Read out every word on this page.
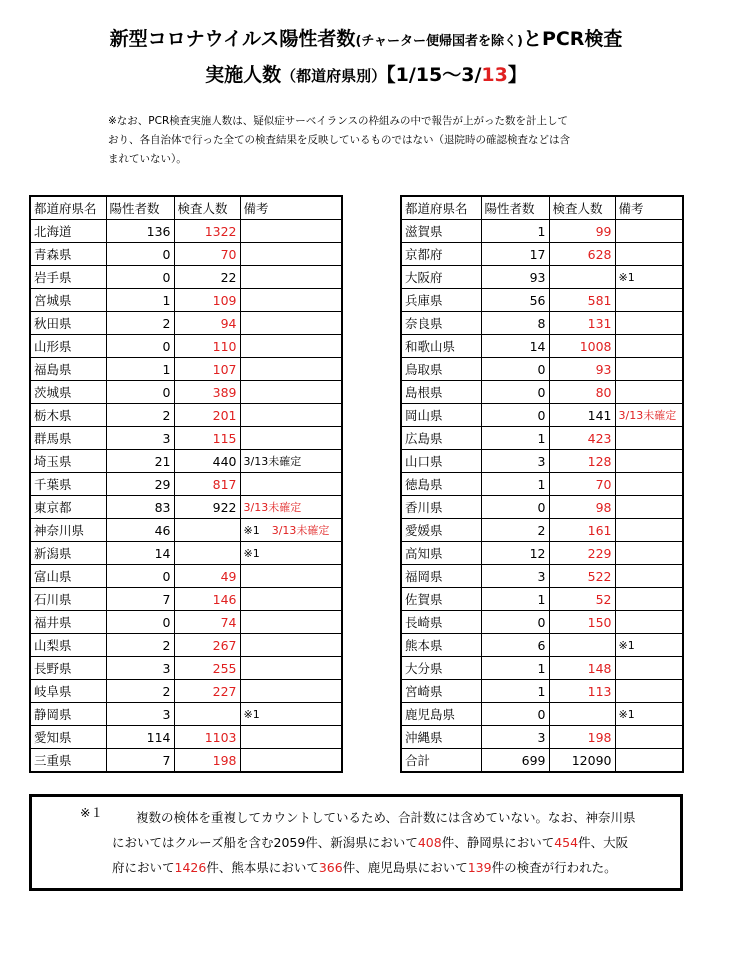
新型コロナウイルス陽性者数(チャーター便帰国者を除く)とPCR検査
実施人数（都道府県別）【1/15～3/13】
※なお、PCR検査実施人数は、疑似症サーベイランスの枠組みの中で報告が上がった数を計上して
おり、各自治体で行った全ての検査結果を反映しているものではない（退院時の確認検査などは含
まれていない）。
都道府県名	陽性者数	検査人数	備考
北海道	136	1322	
青森県	0	70	
岩手県	0	22	
宮城県	1	109	
秋田県	2	94	
山形県	0	110	
福島県	1	107	
茨城県	0	389	
栃木県	2	201	
群馬県	3	115	
埼玉県	21	440	3/13未確定
千葉県	29	817	
東京都	83	922	3/13未確定
神奈川県	46		※1 3/13未確定
新潟県	14		※1
富山県	0	49	
石川県	7	146	
福井県	0	74	
山梨県	2	267	
長野県	3	255	
岐阜県	2	227	
静岡県	3		※1
愛知県	114	1103	
三重県	7	198	
都道府県名	陽性者数	検査人数	備考
滋賀県	1	99	
京都府	17	628	
大阪府	93		※1
兵庫県	56	581	
奈良県	8	131	
和歌山県	14	1008	
鳥取県	0	93	
島根県	0	80	
岡山県	0	141	3/13未確定
広島県	1	423	
山口県	3	128	
徳島県	1	70	
香川県	0	98	
愛媛県	2	161	
高知県	12	229	
福岡県	3	522	
佐賀県	1	52	
長崎県	0	150	
熊本県	6		※1
大分県	1	148	
宮崎県	1	113	
鹿児島県	0		※1
沖縄県	3	198	
合計	699	12090	
※１	複数の検体を重複してカウントしているため、合計数には含めていない。なお、神奈川県

においてはクルーズ船を含む2059件、新潟県において408件、静岡県において454件、大阪

府において1426件、熊本県において366件、鹿児島県において139件の検査が行われた。
